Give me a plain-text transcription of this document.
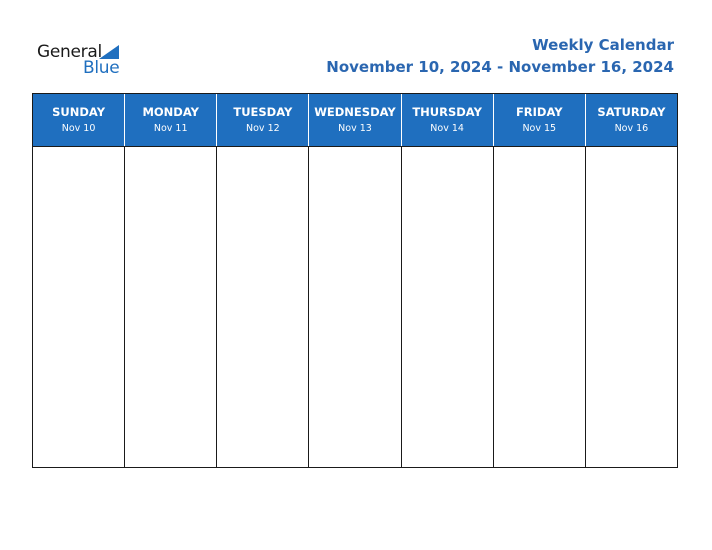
General
Blue
Weekly Calendar
November 10, 2024 - November 16, 2024
SUNDAY
Nov 10
MONDAY
Nov 11
TUESDAY
Nov 12
WEDNESDAY
Nov 13
THURSDAY
Nov 14
FRIDAY
Nov 15
SATURDAY
Nov 16
